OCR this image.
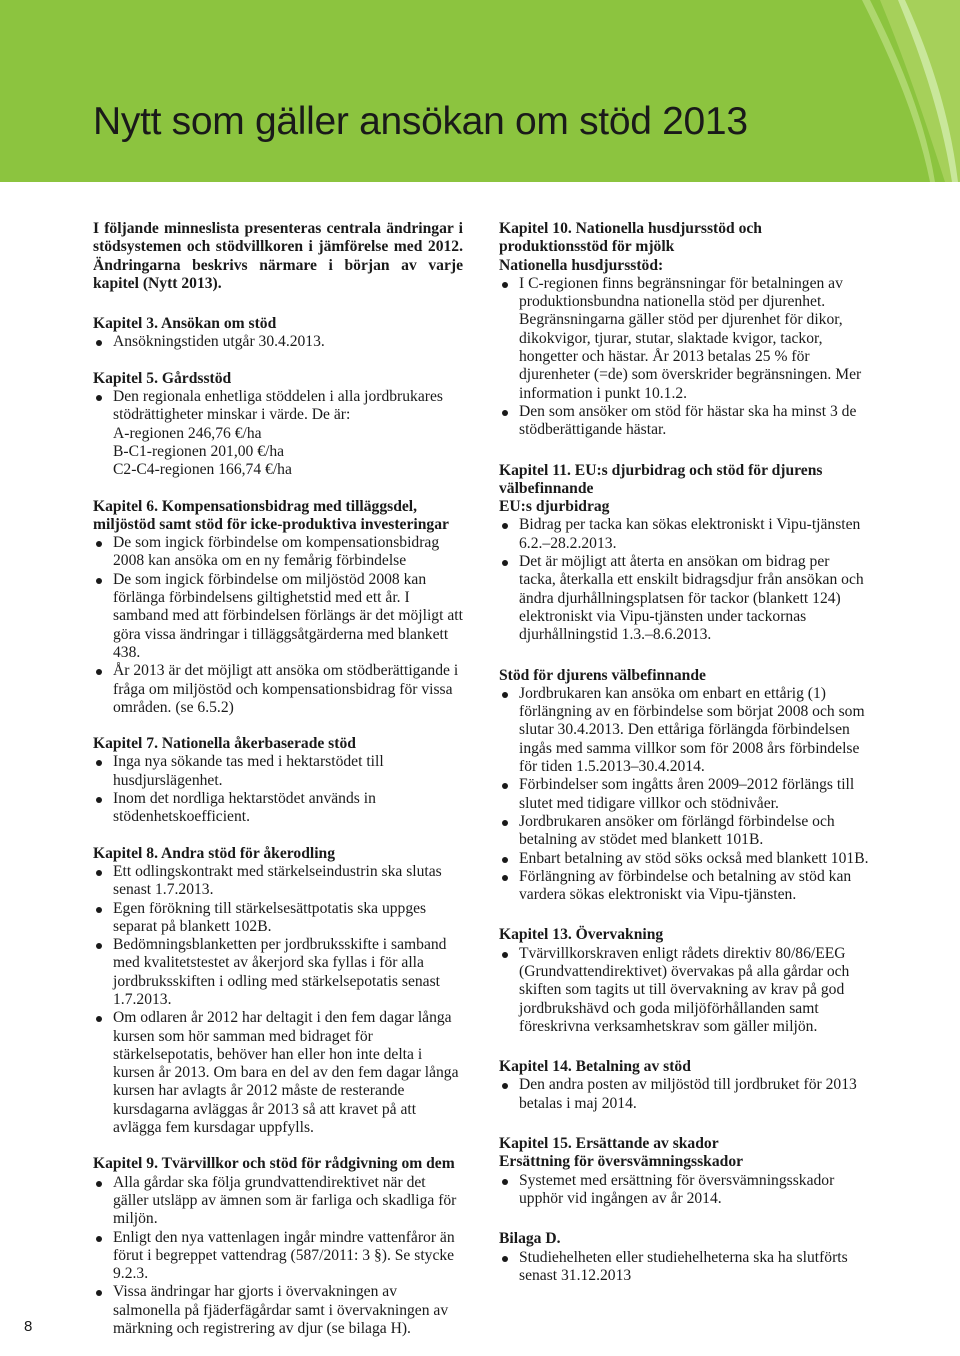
Nytt som gäller ansökan om stöd 2013

I följande minneslista presenteras centrala ändringar i stödsystemen och stödvillkoren i jämförelse med 2012. Ändringarna beskrivs närmare i början av varje kapitel (Nytt 2013).

Kapitel 3. Ansökan om stöd

Ansökningstiden utgår 30.4.2013.

Kapitel 5. Gårdsstöd

Den regionala enhetliga stöddelen i alla jordbrukares stödrättigheter minskar i värde. De är:

A-regionen 246,76 €/ha

B-C1-regionen 201,00 €/ha

C2-C4-regionen 166,74 €/ha

Kapitel 6. Kompensationsbidrag med tilläggsdel, miljöstöd samt stöd för icke-produktiva investeringar

De som ingick förbindelse om kompensationsbidrag 2008 kan ansöka om en ny femårig förbindelse
De som ingick förbindelse om miljöstöd 2008 kan förlänga förbindelsens giltighetstid med ett år. I samband med att förbindelsen förlängs är det möjligt att göra vissa ändringar i tilläggsåtgärderna med blankett 438.
År 2013 är det möjligt att ansöka om stödberättigande i fråga om miljöstöd och kompensationsbidrag för vissa områden. (se 6.5.2)

Kapitel 7. Nationella åkerbaserade stöd

Inga nya sökande tas med i hektarstödet till husdjurslägenhet.
Inom det nordliga hektarstödet används in stödenhetskoefficient.

Kapitel 8. Andra stöd för åkerodling

Ett odlingskontrakt med stärkelseindustrin ska slutas senast 1.7.2013.
Egen förökning till stärkelsesättpotatis ska uppges separat på blankett 102B.
Bedömningsblanketten per jordbruksskifte i samband med kvalitetstestet av åkerjord ska fyllas i för alla jordbruksskiften i odling med stärkelsepotatis senast 1.7.2013.
Om odlaren år 2012 har deltagit i den fem dagar långa kursen som hör samman med bidraget för stärkelsepotatis, behöver han eller hon inte delta i kursen år 2013. Om bara en del av den fem dagar långa kursen har avlagts år 2012 måste de resterande kursdagarna avläggas år 2013 så att kravet på att avlägga fem kursdagar uppfylls.

Kapitel 9. Tvärvillkor och stöd för rådgivning om dem

Alla gårdar ska följa grundvattendirektivet när det gäller utsläpp av ämnen som är farliga och skadliga för miljön.
Enligt den nya vattenlagen ingår mindre vattenfåror än förut i begreppet vattendrag (587/2011: 3 §). Se stycke 9.2.3.
Vissa ändringar har gjorts i övervakningen av salmonella på fjäderfägårdar samt i övervakningen av märkning och registrering av djur (se bilaga H).

Kapitel 10. Nationella husdjursstöd och produktionsstöd för mjölk

Nationella husdjursstöd:

I C-regionen finns begränsningar för betalningen av produktionsbundna nationella stöd per djurenhet. Begränsningarna gäller stöd per djurenhet för dikor, dikokvigor, tjurar, stutar, slaktade kvigor, tackor, hongetter och hästar. År 2013 betalas 25 % för djurenheter (=de) som överskrider begränsningen. Mer information i punkt 10.1.2.
Den som ansöker om stöd för hästar ska ha minst 3 de stödberättigande hästar.

Kapitel 11. EU:s djurbidrag och stöd för djurens välbefinnande

EU:s djurbidrag

Bidrag per tacka kan sökas elektroniskt i Vipu-tjänsten 6.2.–28.2.2013.
Det är möjligt att återta en ansökan om bidrag per tacka, återkalla ett enskilt bidragsdjur från ansökan och ändra djurhållningsplatsen för tackor (blankett 124) elektroniskt via Vipu-tjänsten under tackornas djurhållningstid 1.3.–8.6.2013.

Stöd för djurens välbefinnande

Jordbrukaren kan ansöka om enbart en ettårig (1) förlängning av en förbindelse som börjat 2008 och som slutar 30.4.2013. Den ettåriga förlängda förbindelsen ingås med samma villkor som för 2008 års förbindelse för tiden 1.5.2013–30.4.2014.
Förbindelser som ingåtts åren 2009–2012 förlängs till slutet med tidigare villkor och stödnivåer.
Jordbrukaren ansöker om förlängd förbindelse och betalning av stödet med blankett 101B.
Enbart betalning av stöd söks också med blankett 101B.
Förlängning av förbindelse och betalning av stöd kan vardera sökas elektroniskt via Vipu-tjänsten.

Kapitel 13. Övervakning

Tvärvillkorskraven enligt rådets direktiv 80/86/EEG (Grundvattendirektivet) övervakas på alla gårdar och skiften som tagits ut till övervakning av krav på god jordbrukshävd och goda miljöförhållanden samt föreskrivna verksamhetskrav som gäller miljön.

Kapitel 14. Betalning av stöd

Den andra posten av miljöstöd till jordbruket för 2013 betalas i maj 2014.

Kapitel 15. Ersättande av skador

Ersättning för översvämningsskador

Systemet med ersättning för översvämningsskador upphör vid ingången av år 2014.

Bilaga D.

Studiehelheten eller studiehelheterna ska ha slutförts senast 31.12.2013
8
